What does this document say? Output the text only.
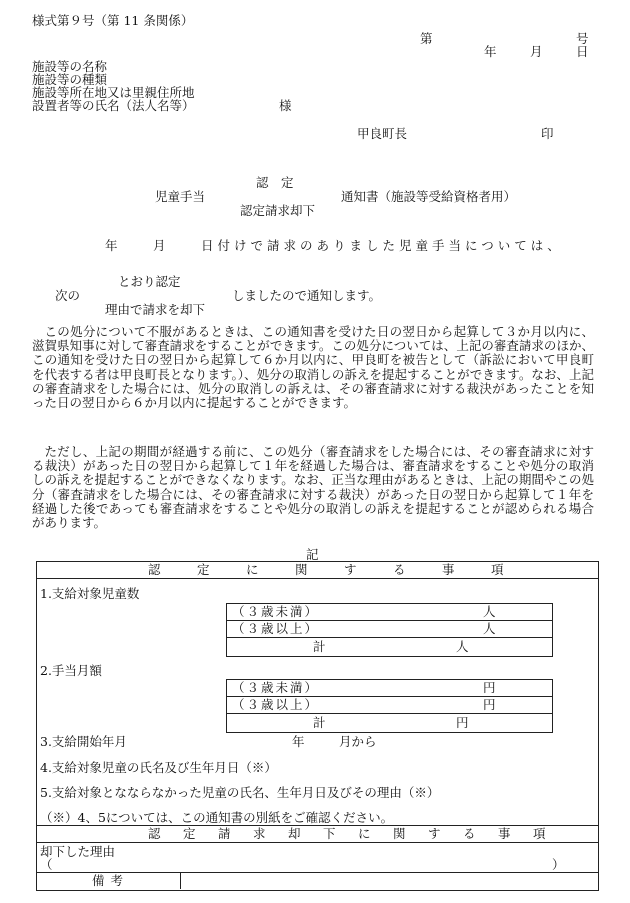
様式第９号（第 11 条関係）
第	号
年	月	日
施設等の名称
施設等の種類
施設等所在地又は里親住所地
設置者等の氏名（法人名等）	様
甲良町長	印
認　定
児童手当	通知書（施設等受給資格者用）
認定請求却下
年	月	日付けで請求のありました児童手当については、
とおり認定
次の	しましたので通知します。
理由で請求を却下

この処分について不服があるときは、この通知書を受けた日の翌日から起算して３か月以内に、滋賀県知事に対して審査請求をすることができます。この処分については、上記の審査請求のほか、この通知を受けた日の翌日から起算して６か月以内に、甲良町を被告として（訴訟において甲良町を代表する者は甲良町長となります。）、処分の取消しの訴えを提起することができます。なお、上記の審査請求をした場合には、処分の取消しの訴えは、その審査請求に対する裁決があったことを知った日の翌日から６か月以内に提起することができます。

ただし、上記の期間が経過する前に、この処分（審査請求をした場合には、その審査請求に対する裁決）があった日の翌日から起算して１年を経過した場合は、審査請求をすることや処分の取消しの訴えを提起することができなくなります。なお、正当な理由があるときは、上記の期間やこの処分（審査請求をした場合には、その審査請求に対する裁決）があった日の翌日から起算して１年を経過した後であっても審査請求をすることや処分の取消しの訴えを提起することが認められる場合があります。

記
認　定　に　関　す　る　事　項
1.支給対象児童数
（３歳未満）	人
（３歳以上）	人
計	人
2.手当月額
（３歳未満）	円
（３歳以上）	円
計	円
3.支給開始年月	年	月から
4.支給対象児童の氏名及び生年月日（※）
5.支給対象となならなかった児童の氏名、生年月日及びその理由（※）
（※）4、5については、この通知書の別紙をご確認ください。
認　定　請　求　却　下　に　関　す　る　事　項
却下した理由
（	）
備考
